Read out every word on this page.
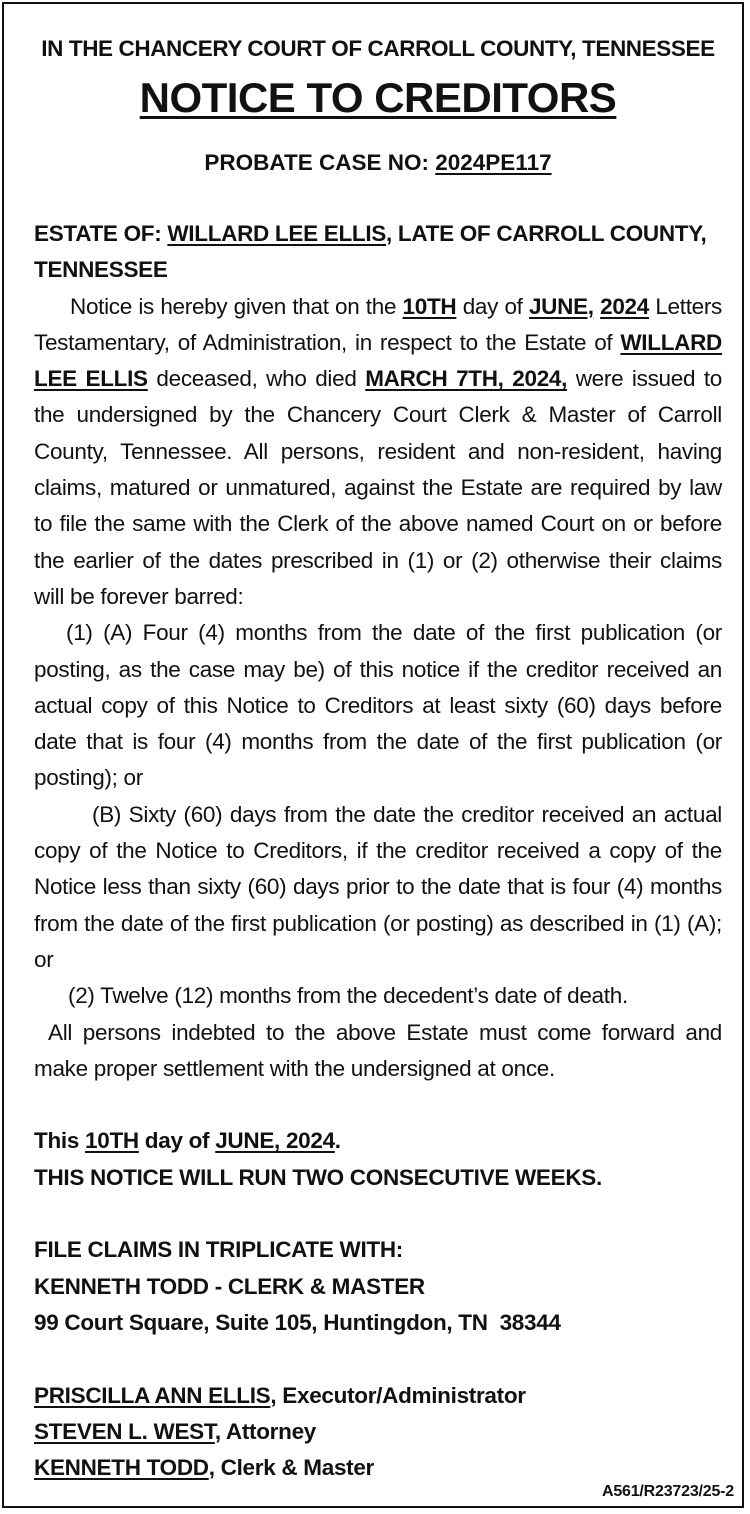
IN THE CHANCERY COURT OF CARROLL COUNTY, TENNESSEE
NOTICE TO CREDITORS
PROBATE CASE NO: 2024PE117

ESTATE OF: WILLARD LEE ELLIS, LATE OF CARROLL COUNTY, TENNESSEE

Notice is hereby given that on the 10TH day of JUNE, 2024 Letters Testamentary, of Administration, in respect to the Estate of WILLARD LEE ELLIS deceased, who died MARCH 7TH, 2024, were issued to the undersigned by the Chancery Court Clerk & Master of Carroll County, Tennessee. All persons, resident and non-resident, having claims, matured or unmatured, against the Estate are required by law to file the same with the Clerk of the above named Court on or before the earlier of the dates prescribed in (1) or (2) otherwise their claims will be forever barred:

(1) (A) Four (4) months from the date of the first publication (or posting, as the case may be) of this notice if the creditor received an actual copy of this Notice to Creditors at least sixty (60) days before date that is four (4) months from the date of the first publication (or posting); or

(B) Sixty (60) days from the date the creditor received an actual copy of the Notice to Creditors, if the creditor received a copy of the Notice less than sixty (60) days prior to the date that is four (4) months from the date of the first publication (or posting) as described in (1) (A); or

(2) Twelve (12) months from the decedent’s date of death.

All persons indebted to the above Estate must come forward and make proper settlement with the undersigned at once.

This 10TH day of JUNE, 2024.

THIS NOTICE WILL RUN TWO CONSECUTIVE WEEKS.

FILE CLAIMS IN TRIPLICATE WITH:

KENNETH TODD - CLERK & MASTER

99 Court Square, Suite 105, Huntingdon, TN  38344

PRISCILLA ANN ELLIS, Executor/Administrator

STEVEN L. WEST, Attorney

KENNETH TODD, Clerk & Master

A561/R23723/25-2
